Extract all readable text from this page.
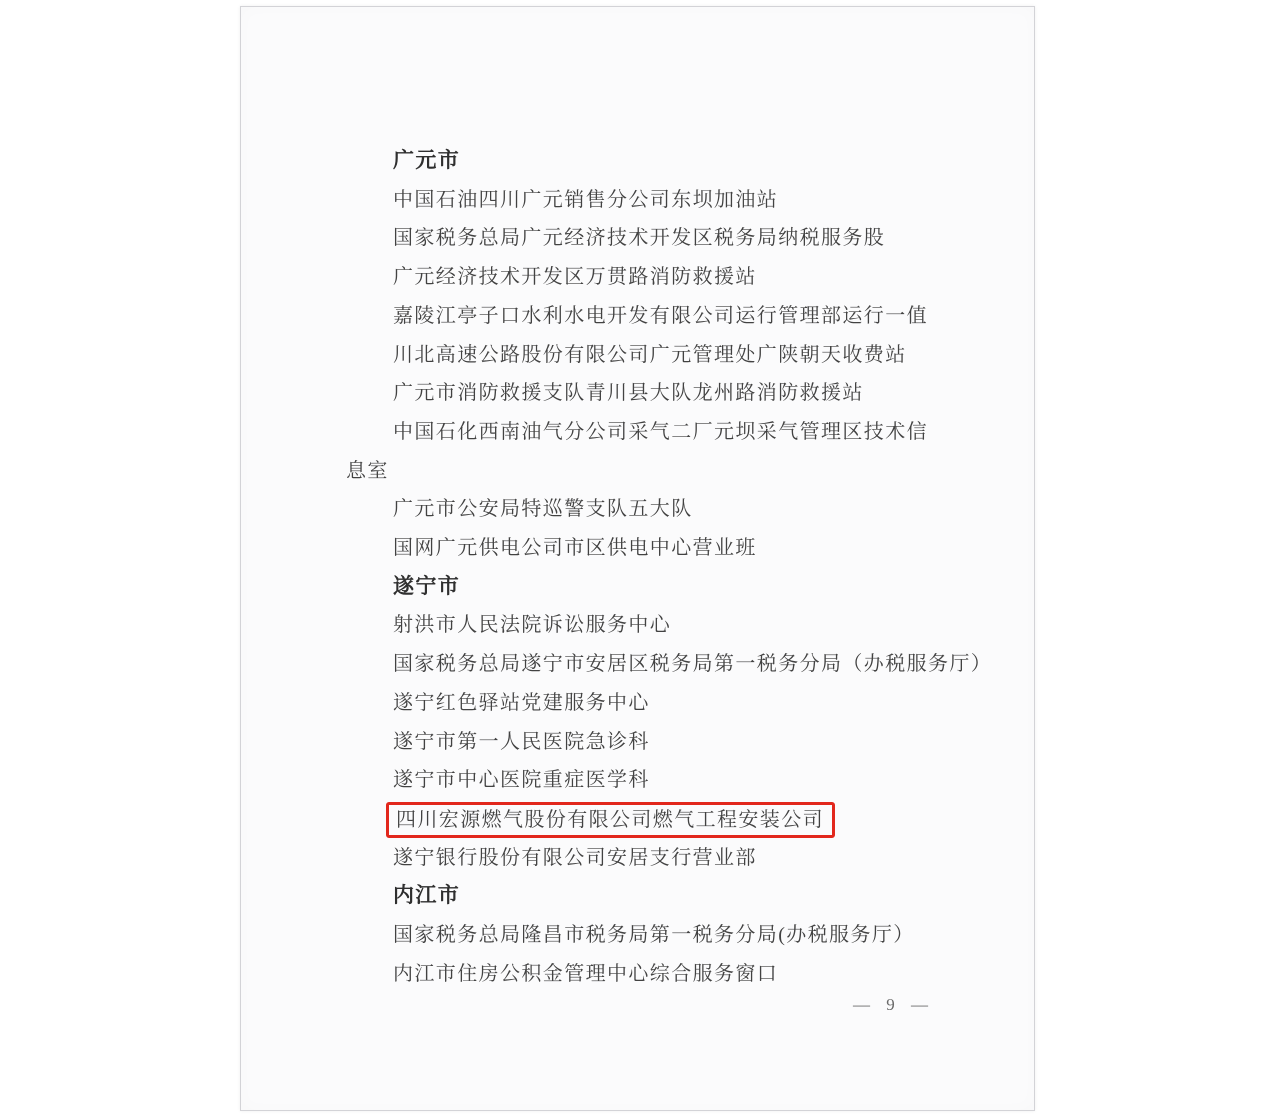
广元市
中国石油四川广元销售分公司东坝加油站
国家税务总局广元经济技术开发区税务局纳税服务股
广元经济技术开发区万贯路消防救援站
嘉陵江亭子口水利水电开发有限公司运行管理部运行一值
川北高速公路股份有限公司广元管理处广陕朝天收费站
广元市消防救援支队青川县大队龙州路消防救援站
中国石化西南油气分公司采气二厂元坝采气管理区技术信
息室
广元市公安局特巡警支队五大队
国网广元供电公司市区供电中心营业班
遂宁市
射洪市人民法院诉讼服务中心
国家税务总局遂宁市安居区税务局第一税务分局（办税服务厅）
遂宁红色驿站党建服务中心
遂宁市第一人民医院急诊科
遂宁市中心医院重症医学科
四川宏源燃气股份有限公司燃气工程安装公司
遂宁银行股份有限公司安居支行营业部
内江市
国家税务总局隆昌市税务局第一税务分局(办税服务厅）
内江市住房公积金管理中心综合服务窗口
— 9 —
